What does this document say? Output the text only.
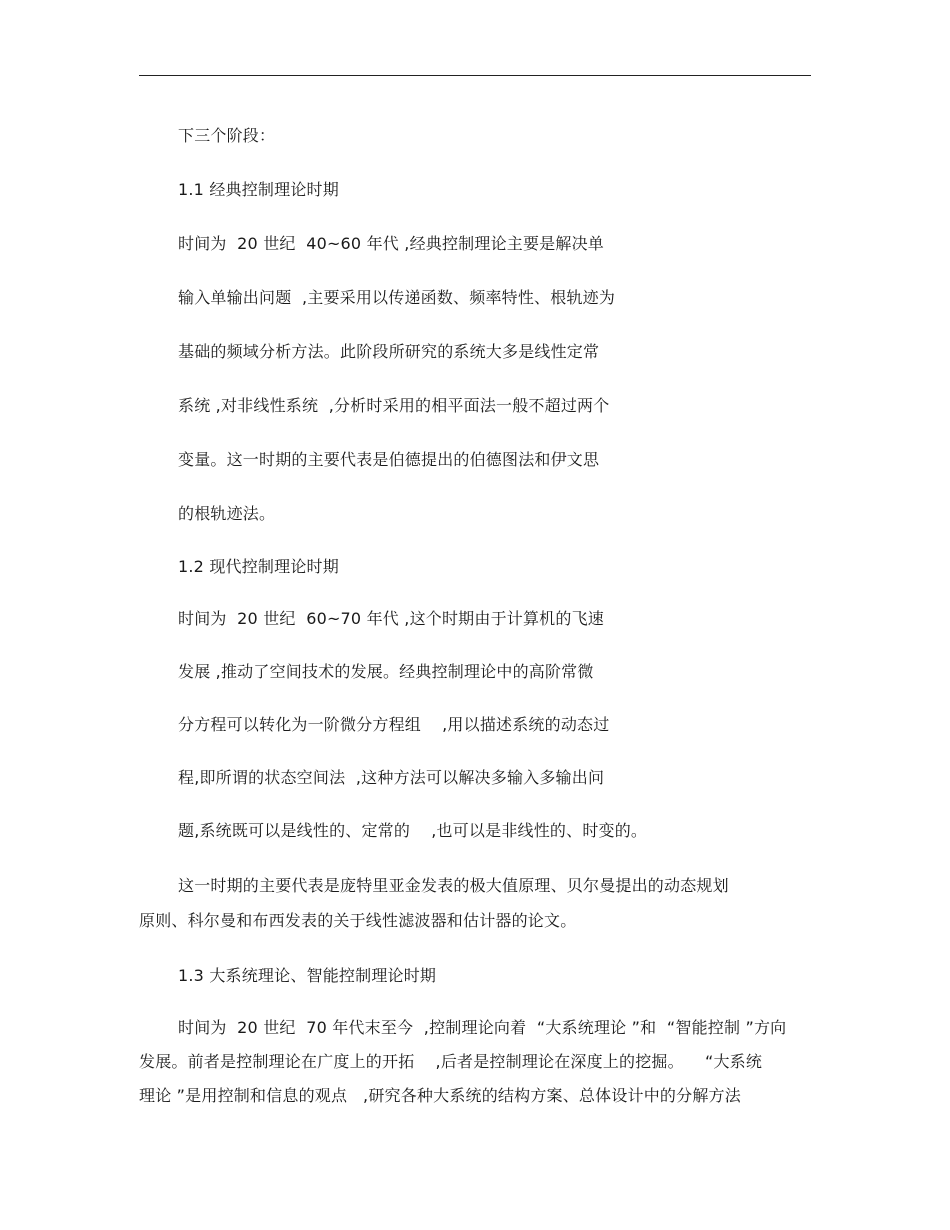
下三个阶段：
1.1 经典控制理论时期
时间为  20 世纪  40~60 年代 ,经典控制理论主要是解决单
输入单输出问题  ,主要采用以传递函数、频率特性、根轨迹为
基础的频域分析方法。此阶段所研究的系统大多是线性定常
系统 ,对非线性系统  ,分析时采用的相平面法一般不超过两个
变量。这一时期的主要代表是伯德提出的伯德图法和伊文思
的根轨迹法。
1.2 现代控制理论时期
时间为  20 世纪  60~70 年代 ,这个时期由于计算机的飞速
发展 ,推动了空间技术的发展。经典控制理论中的高阶常微
分方程可以转化为一阶微分方程组    ,用以描述系统的动态过
程,即所谓的状态空间法  ,这种方法可以解决多输入多输出问
题,系统既可以是线性的、定常的    ,也可以是非线性的、时变的。
这一时期的主要代表是庞特里亚金发表的极大值原理、贝尔曼提出的动态规划
原则、科尔曼和布西发表的关于线性滤波器和估计器的论文。
1.3 大系统理论、智能控制理论时期
时间为  20 世纪  70 年代末至今  ,控制理论向着  “大系统理论 ”和  “智能控制 ”方向
发展。前者是控制理论在广度上的开拓    ,后者是控制理论在深度上的挖掘。    “大系统
理论 ”是用控制和信息的观点   ,研究各种大系统的结构方案、总体设计中的分解方法
